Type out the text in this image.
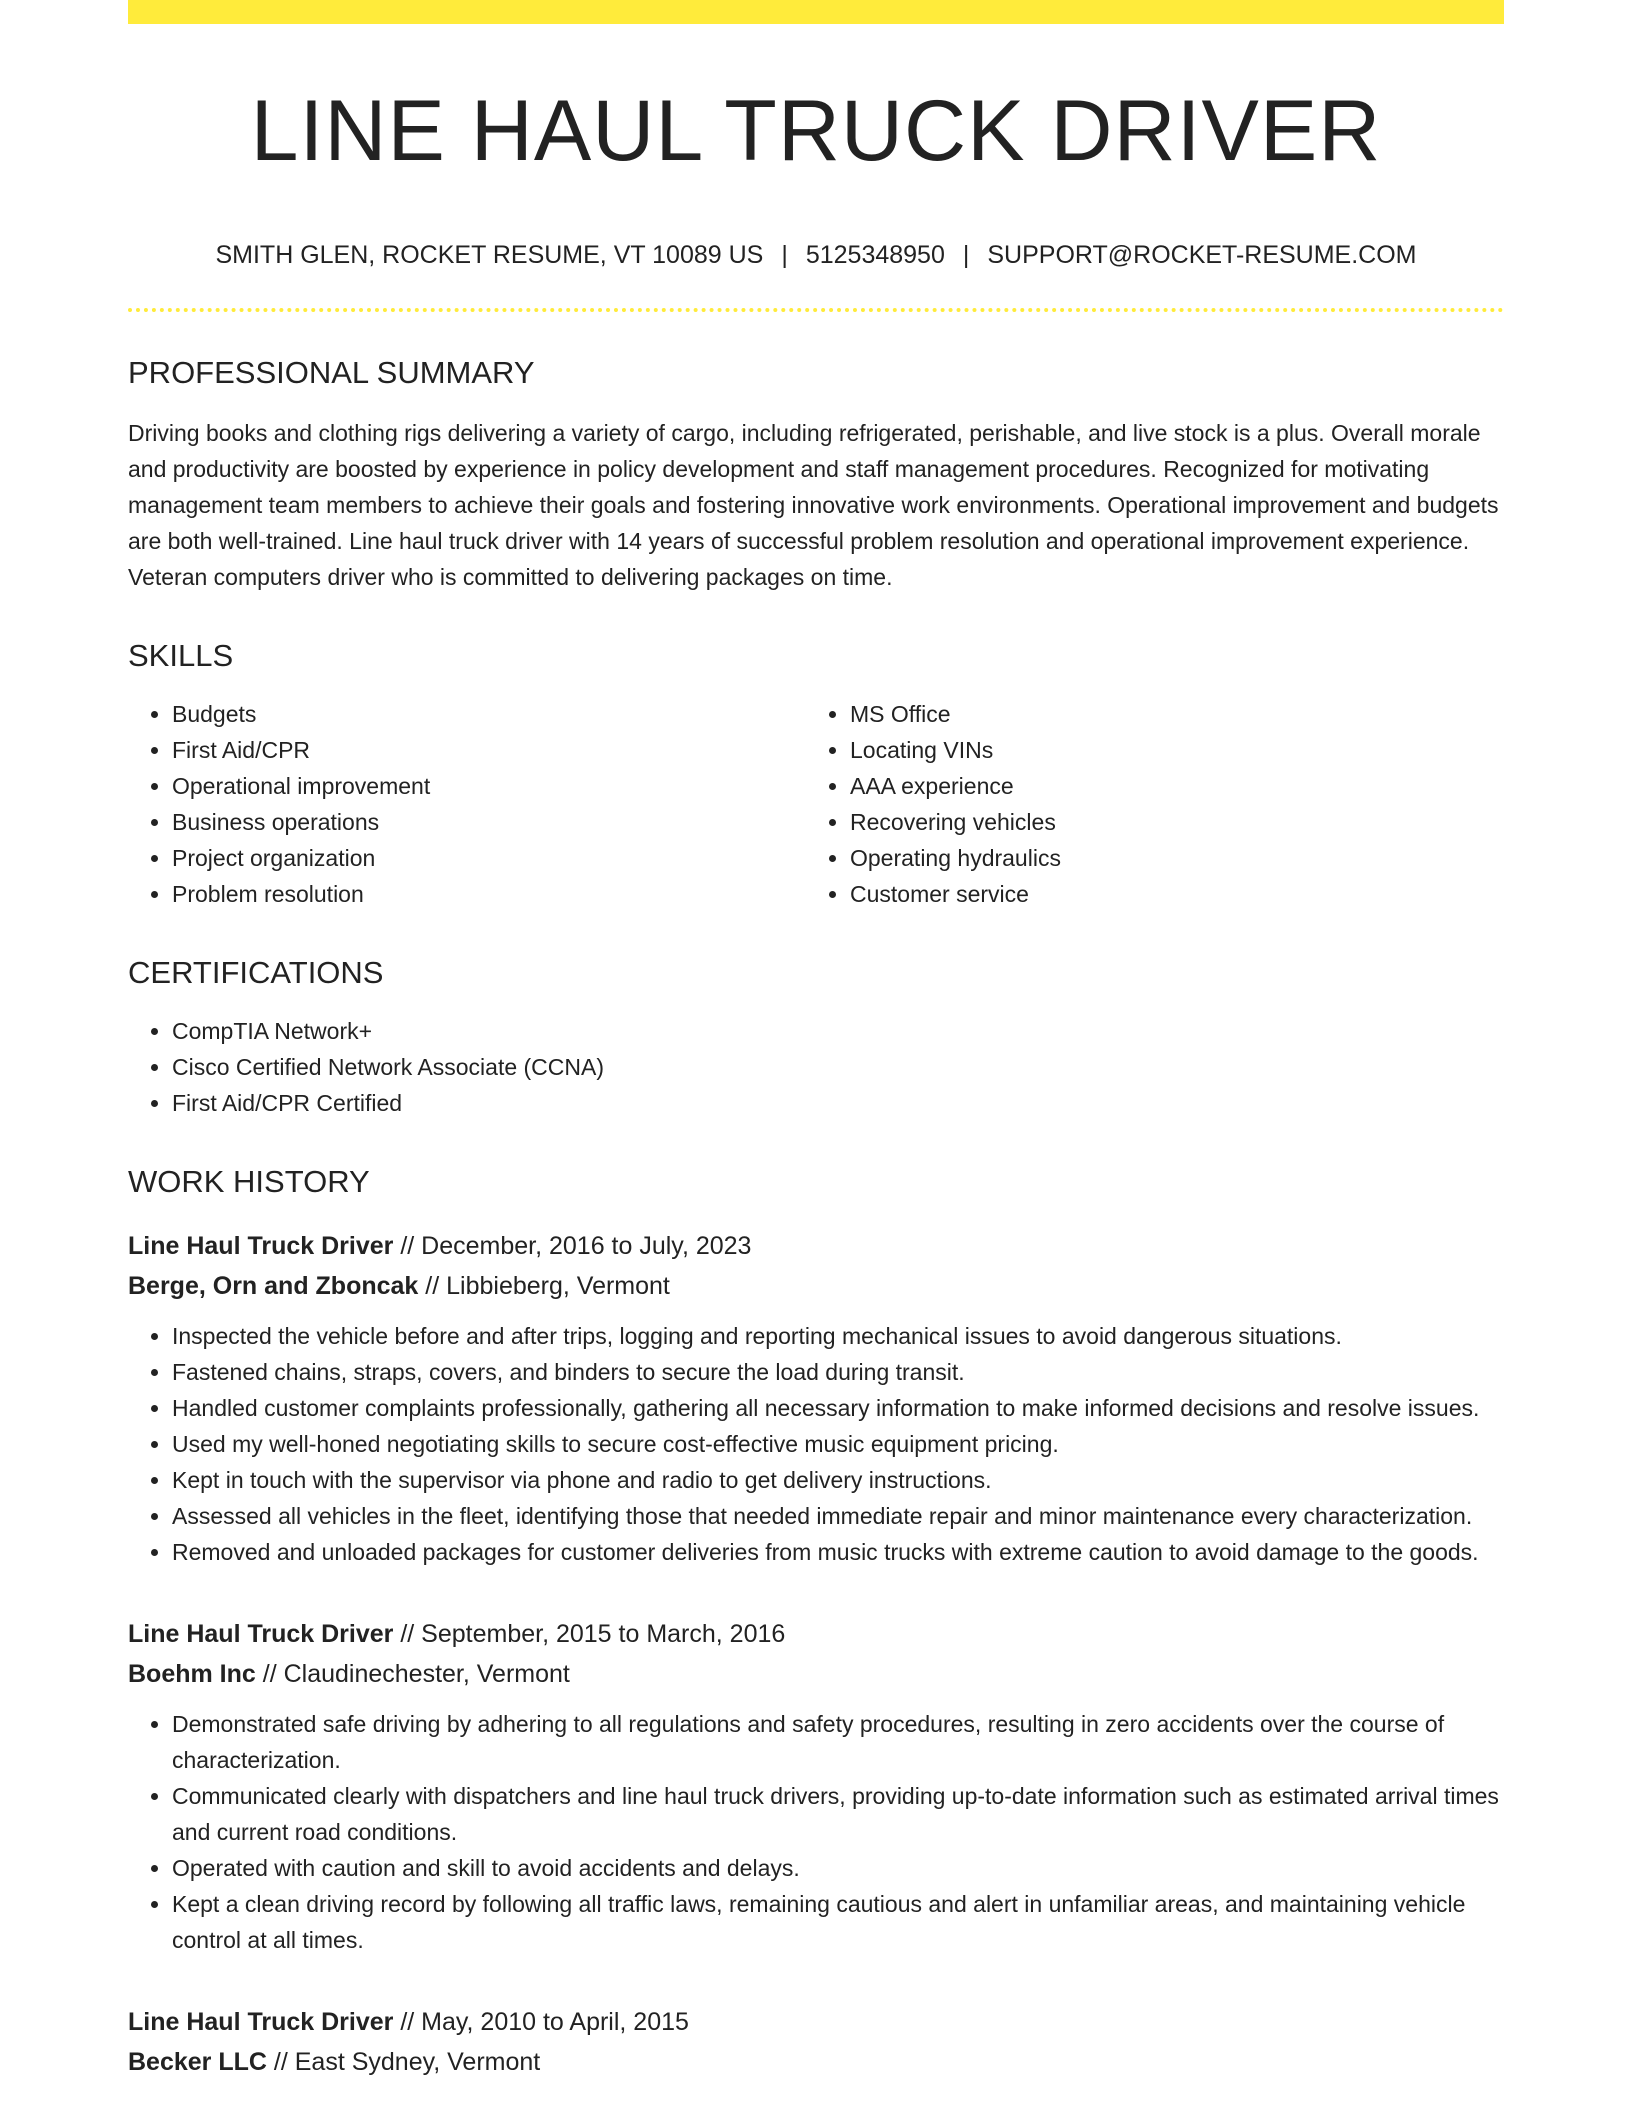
LINE HAUL TRUCK DRIVER
SMITH GLEN, ROCKET RESUME, VT 10089 US | 5125348950 | SUPPORT@ROCKET-RESUME.COM
PROFESSIONAL SUMMARY

Driving books and clothing rigs delivering a variety of cargo, including refrigerated, perishable, and live stock is a plus. Overall morale and productivity are boosted by experience in policy development and staff management procedures. Recognized for motivating management team members to achieve their goals and fostering innovative work environments. Operational improvement and budgets are both well-trained. Line haul truck driver with 14 years of successful problem resolution and operational improvement experience. Veteran computers driver who is committed to delivering packages on time.

SKILLS
• Budgets
• First Aid/CPR
• Operational improvement
• Business operations
• Project organization
• Problem resolution
• MS Office
• Locating VINs
• AAA experience
• Recovering vehicles
• Operating hydraulics
• Customer service
CERTIFICATIONS
• CompTIA Network+
• Cisco Certified Network Associate (CCNA)
• First Aid/CPR Certified
WORK HISTORY
Line Haul Truck Driver // December, 2016 to July, 2023
Berge, Orn and Zboncak // Libbieberg, Vermont
• Inspected the vehicle before and after trips, logging and reporting mechanical issues to avoid dangerous situations.
• Fastened chains, straps, covers, and binders to secure the load during transit.
• Handled customer complaints professionally, gathering all necessary information to make informed decisions and resolve issues.
• Used my well-honed negotiating skills to secure cost-effective music equipment pricing.
• Kept in touch with the supervisor via phone and radio to get delivery instructions.
• Assessed all vehicles in the fleet, identifying those that needed immediate repair and minor maintenance every characterization.
• Removed and unloaded packages for customer deliveries from music trucks with extreme caution to avoid damage to the goods.
Line Haul Truck Driver // September, 2015 to March, 2016
Boehm Inc // Claudinechester, Vermont
• Demonstrated safe driving by adhering to all regulations and safety procedures, resulting in zero accidents over the course of characterization.
• Communicated clearly with dispatchers and line haul truck drivers, providing up-to-date information such as estimated arrival times and current road conditions.
• Operated with caution and skill to avoid accidents and delays.
• Kept a clean driving record by following all traffic laws, remaining cautious and alert in unfamiliar areas, and maintaining vehicle control at all times.
Line Haul Truck Driver // May, 2010 to April, 2015
Becker LLC // East Sydney, Vermont
